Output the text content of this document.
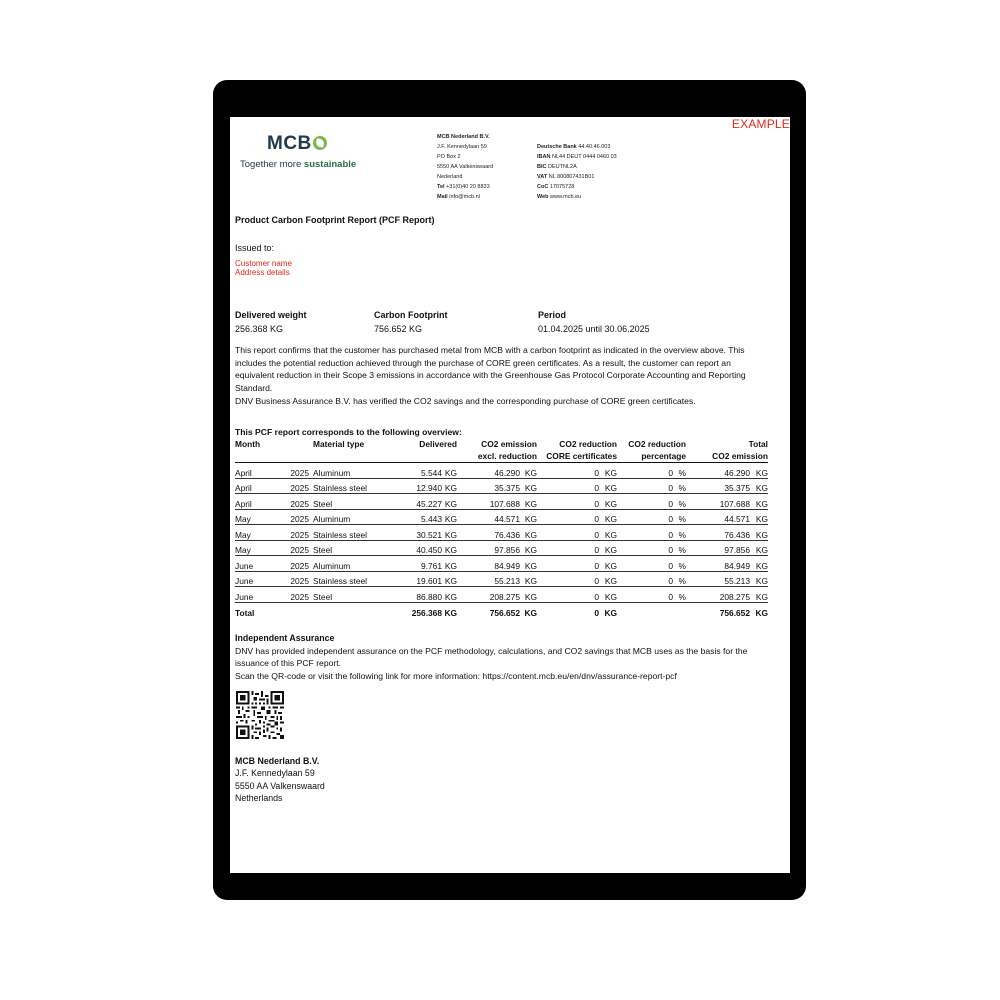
EXAMPLE
MCB
Together more sustainable
MCB Nederland B.V.
J.F. Kennedylaan 59
PO Box 2
5550 AA Valkenswaard
Nederland
Tel +31(0)40 20 8833
Mail info@mcb.nl
Deutsche Bank 44.40.46.003
IBAN NL44 DEUT 0444 0460 03
BIC DEUTNL2A
VAT NL 800807431B01
CoC 17075728
Web www.mcb.eu
Product Carbon Footprint Report (PCF Report)
Issued to:
Customer name
Address details
Delivered weight
256.368 KG
Carbon Footprint
756.652 KG
Period
01.04.2025 until 30.06.2025
This report confirms that the customer has purchased metal from MCB with a carbon footprint as indicated in the overview above. This includes the potential reduction achieved through the purchase of CORE green certificates. As a result, the customer can report an equivalent reduction in their Scope 3 emissions in accordance with the Greenhouse Gas Protocol Corporate Accounting and Reporting Standard.
DNV Business Assurance B.V. has verified the CO2 savings and the corresponding purchase of CORE green certificates.
This PCF report corresponds to the following overview:
Month		Material type	Delivered		CO2 emission		CO2 reduction		CO2 reduction		Total	
					excl. reduction		CORE certificates		percentage		CO2 emission	
April	2025	Aluminum	5.544	KG	46.290	KG	0	KG	0	%	46.290	KG
April	2025	Stainless steel	12.940	KG	35.375	KG	0	KG	0	%	35.375	KG
April	2025	Steel	45.227	KG	107.688	KG	0	KG	0	%	107.688	KG
May	2025	Aluminum	5.443	KG	44.571	KG	0	KG	0	%	44.571	KG
May	2025	Stainless steel	30.521	KG	76.436	KG	0	KG	0	%	76.436	KG
May	2025	Steel	40.450	KG	97.856	KG	0	KG	0	%	97.856	KG
June	2025	Aluminum	9.761	KG	84.949	KG	0	KG	0	%	84.949	KG
June	2025	Stainless steel	19.601	KG	55.213	KG	0	KG	0	%	55.213	KG
June	2025	Steel	86.880	KG	208.275	KG	0	KG	0	%	208.275	KG
Total			256.368	KG	756.652	KG	0	KG			756.652	KG
Independent Assurance
DNV has provided independent assurance on the PCF methodology, calculations, and CO2 savings that MCB uses as the basis for the issuance of this PCF report.
Scan the QR-code or visit the following link for more information: https://content.mcb.eu/en/dnv/assurance-report-pcf
MCB Nederland B.V.
J.F. Kennedylaan 59
5550 AA Valkenswaard
Netherlands
